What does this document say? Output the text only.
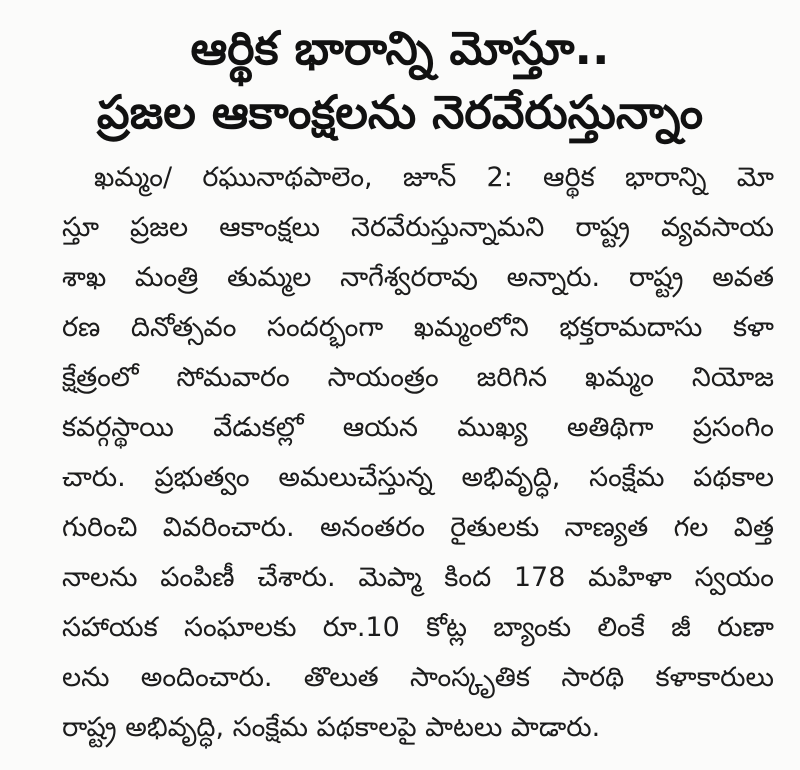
ఆర్థిక భారాన్ని మోస్తూ..
ప్రజల ఆకాంక్షలను నెరవేరుస్తున్నాం
ఖమ్మం/ రఘునాథపాలెం, జూన్ 2: ఆర్థిక భారాన్ని మో
స్తూ ప్రజల ఆకాంక్షలు నెరవేరుస్తున్నామని రాష్ట్ర వ్యవసాయ
శాఖ మంత్రి తుమ్మల నాగేశ్వరరావు అన్నారు. రాష్ట్ర అవత
రణ దినోత్సవం సందర్భంగా ఖమ్మంలోని భక్తరామదాసు కళా
క్షేత్రంలో సోమవారం సాయంత్రం జరిగిన ఖమ్మం నియోజ
కవర్గస్థాయి వేడుకల్లో ఆయన ముఖ్య అతిథిగా ప్రసంగిం
చారు. ప్రభుత్వం అమలుచేస్తున్న అభివృద్ధి, సంక్షేమ పథకాల
గురించి వివరించారు. అనంతరం రైతులకు నాణ్యత గల విత్త
నాలను పంపిణీ చేశారు. మెప్మా కింద 178 మహిళా స్వయం
సహాయక సంఘాలకు రూ.10 కోట్ల బ్యాంకు లింకే జీ రుణా
లను అందించారు. తొలుత సాంస్కృతిక సారథి కళాకారులు
రాష్ట్ర అభివృద్ధి, సంక్షేమ పథకాలపై పాటలు పాడారు.
